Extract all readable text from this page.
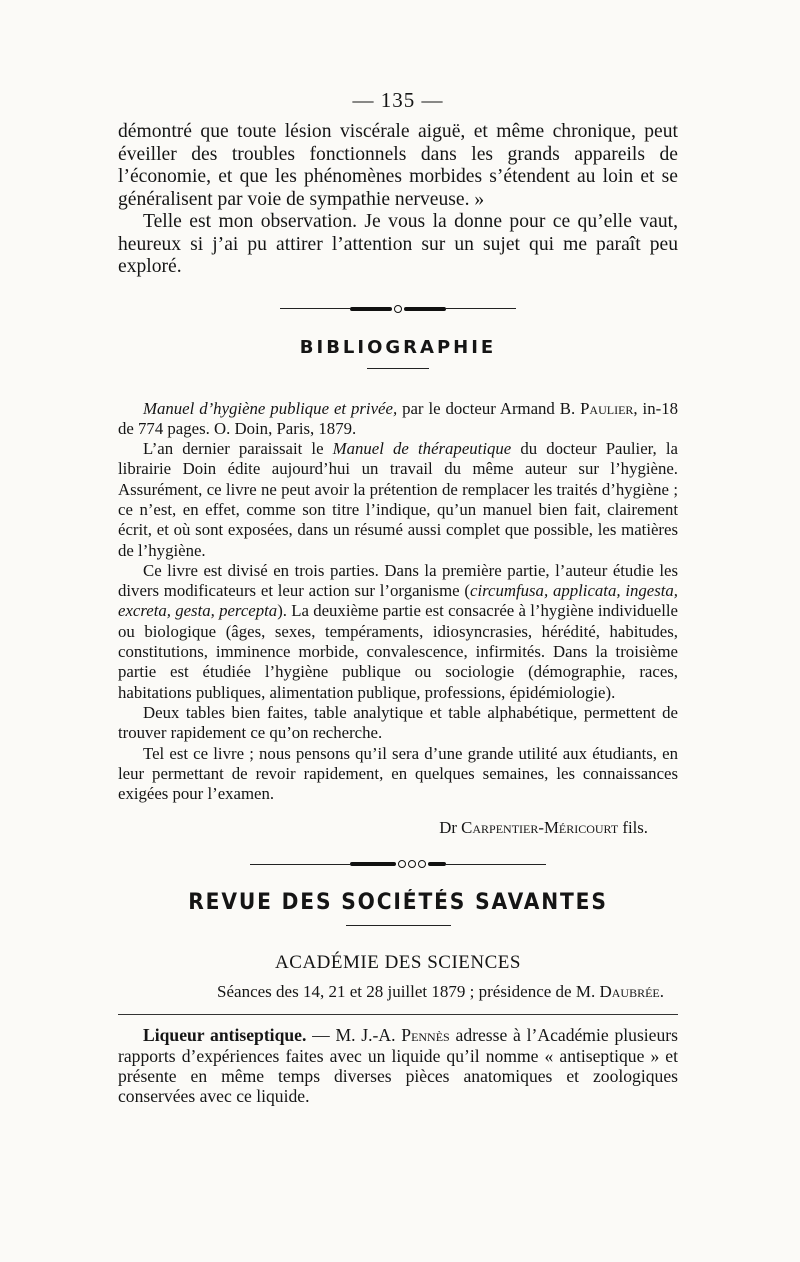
— 135 —

démontré que toute lésion viscérale aiguë, et même chronique, peut éveiller des troubles fonctionnels dans les grands appareils de l’économie, et que les phénomènes morbides s’étendent au loin et se généralisent par voie de sympathie nerveuse. »

Telle est mon observation. Je vous la donne pour ce qu’elle vaut, heureux si j’ai pu attirer l’attention sur un sujet qui me paraît peu exploré.

BIBLIOGRAPHIE

Manuel d’hygiène publique et privée, par le docteur Armand B. Paulier, in-18 de 774 pages. O. Doin, Paris, 1879.

L’an dernier paraissait le Manuel de thérapeutique du docteur Paulier, la librairie Doin édite aujourd’hui un travail du même auteur sur l’hygiène. Assurément, ce livre ne peut avoir la prétention de remplacer les traités d’hygiène ; ce n’est, en effet, comme son titre l’indique, qu’un manuel bien fait, clairement écrit, et où sont exposées, dans un résumé aussi complet que possible, les matières de l’hygiène.

Ce livre est divisé en trois parties. Dans la première partie, l’auteur étudie les divers modificateurs et leur action sur l’organisme (circumfusa, applicata, ingesta, excreta, gesta, percepta). La deuxième partie est consacrée à l’hygiène individuelle ou biologique (âges, sexes, tempéraments, idiosyncrasies, hérédité, habitudes, constitutions, imminence morbide, convalescence, infirmités. Dans la troisième partie est étudiée l’hygiène publique ou sociologie (démographie, races, habitations publiques, alimentation publique, professions, épidémiologie).

Deux tables bien faites, table analytique et table alphabétique, permettent de trouver rapidement ce qu’on recherche.

Tel est ce livre ; nous pensons qu’il sera d’une grande utilité aux étudiants, en leur permettant de revoir rapidement, en quelques semaines, les connaissances exigées pour l’examen.

Dr Carpentier-Méricourt fils.
REVUE DES SOCIÉTÉS SAVANTES
ACADÉMIE DES SCIENCES
Séances des 14, 21 et 28 juillet 1879 ; présidence de M. Daubrée.

Liqueur antiseptique. — M. J.-A. Pennès adresse à l’Académie plusieurs rapports d’expériences faites avec un liquide qu’il nomme « antiseptique » et présente en même temps diverses pièces anatomiques et zoologiques conservées avec ce liquide.
